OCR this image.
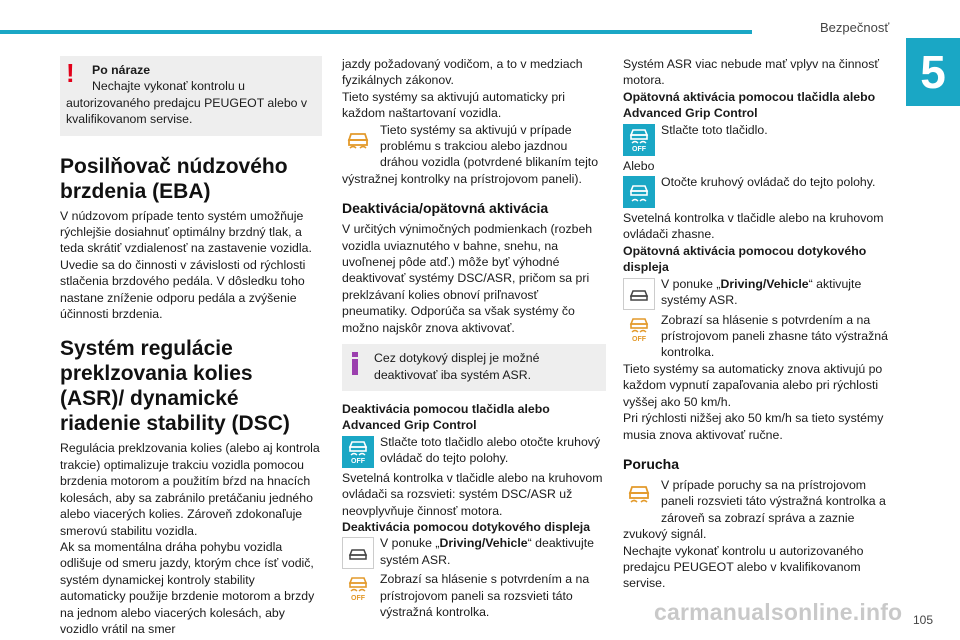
Bezpečnosť
5
!	Po náraze

Nechajte vykonať kontrolu u autorizovaného predajcu PEUGEOT alebo v kvalifikovanom servise.

Posilňovač núdzového brzdenia (EBA)

V núdzovom prípade tento systém umožňuje rýchlejšie dosiahnuť optimálny brzdný tlak, a teda skrátiť vzdialenosť na zastavenie vozidla. Uvedie sa do činnosti v závislosti od rýchlosti stlačenia brzdového pedála. V dôsledku toho nastane zníženie odporu pedála a zvýšenie účinnosti brzdenia.

Systém regulácie preklzovania kolies (ASR)/ dynamické riadenie stability (DSC)

Regulácia preklzovania kolies (alebo aj kontrola trakcie) optimalizuje trakciu vozidla pomocou brzdenia motorom a použitím bŕzd na hnacích kolesách, aby sa zabránilo pretáčaniu jedného alebo viacerých kolies. Zároveň zdokonaľuje smerovú stabilitu vozidla.

Ak sa momentálna dráha pohybu vozidla odlišuje od smeru jazdy, ktorým chce ísť vodič, systém dynamickej kontroly stability automaticky použije brzdenie motorom a brzdy na jednom alebo viacerých kolesách, aby vozidlo vrátil na smer

jazdy požadovaný vodičom, a to v medziach fyzikálnych zákonov.

Tieto systémy sa aktivujú automaticky pri každom naštartovaní vozidla.

Tieto systémy sa aktivujú v prípade problému s trakciou alebo jazdnou dráhou vozidla (potvrdené blikaním tejto výstražnej kontrolky na prístrojovom paneli).
Deaktivácia/opätovná aktivácia

V určitých výnimočných podmienkach (rozbeh vozidla uviaznutého v bahne, snehu, na uvoľnenej pôde atď.) môže byť výhodné deaktivovať systémy DSC/ASR, pričom sa pri preklzávaní kolies obnoví priľnavosť pneumatiky. Odporúča sa však systémy čo možno najskôr znova aktivovať.

Cez dotykový displej je možné deaktivovať iba systém ASR.

Deaktivácia pomocou tlačidla alebo Advanced Grip Control

OFF
Stlačte toto tlačidlo alebo otočte kruhový ovládač do tejto polohy.

Svetelná kontrolka v tlačidle alebo na kruhovom ovládači sa rozsvieti: systém DSC/ASR už neovplyvňuje činnosť motora.

Deaktivácia pomocou dotykového displeja

V ponuke „Driving/Vehicle“ deaktivujte systém ASR.
OFF
Zobrazí sa hlásenie s potvrdením a na prístrojovom paneli sa rozsvieti táto výstražná kontrolka.

Systém ASR viac nebude mať vplyv na činnosť motora.

Opätovná aktivácia pomocou tlačidla alebo Advanced Grip Control

OFF
Stlačte toto tlačidlo.

Alebo

Otočte kruhový ovládač do tejto polohy.

Svetelná kontrolka v tlačidle alebo na kruhovom ovládači zhasne.

Opätovná aktivácia pomocou dotykového displeja

V ponuke „Driving/Vehicle“ aktivujte systémy ASR.
OFF
Zobrazí sa hlásenie s potvrdením a na prístrojovom paneli zhasne táto výstražná kontrolka.

Tieto systémy sa automaticky znova aktivujú po každom vypnutí zapaľovania alebo pri rýchlosti vyššej ako 50 km/h.

Pri rýchlosti nižšej ako 50 km/h sa tieto systémy musia znova aktivovať ručne.

Porucha
V prípade poruchy sa na prístrojovom paneli rozsvieti táto výstražná kontrolka a zároveň sa zobrazí správa a zaznie zvukový signál.

Nechajte vykonať kontrolu u autorizovaného predajcu PEUGEOT alebo v kvalifikovanom servise.

carmanualsonline.info 105
